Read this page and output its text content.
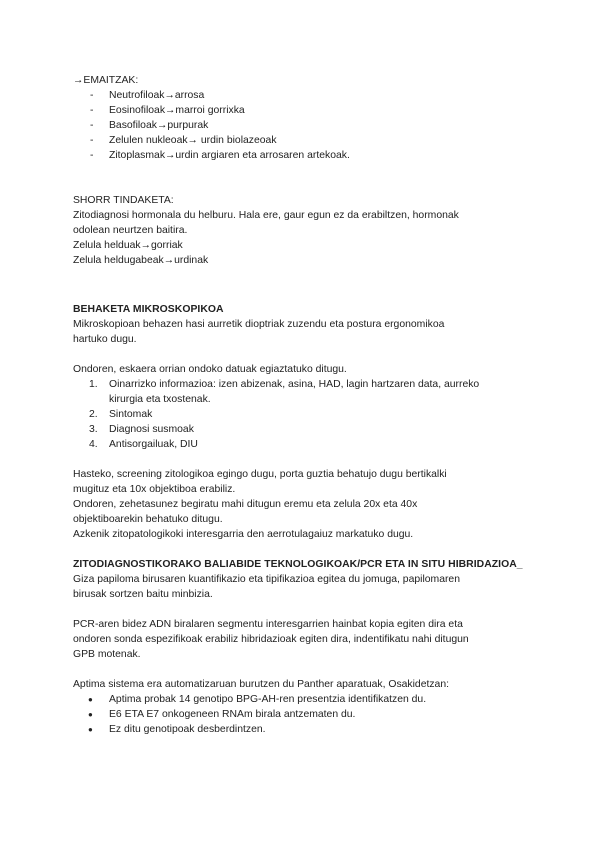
→EMAITZAK:

- Neutrofiloak→arrosa
- Eosinofiloak→marroi gorrixka
- Basofiloak→purpurak
- Zelulen nukleoak→ urdin biolazeoak
- Zitoplasmak→urdin argiaren eta arrosaren artekoak.

SHORR TINDAKETA:

Zitodiagnosi hormonala du helburu. Hala ere, gaur egun ez da erabiltzen, hormonak

odolean neurtzen baitira.

Zelula helduak→gorriak

Zelula heldugabeak→urdinak

BEHAKETA MIKROSKOPIKOA

Mikroskopioan behazen hasi aurretik dioptriak zuzendu eta postura ergonomikoa

hartuko dugu.

Ondoren, eskaera orrian ondoko datuak egiaztatuko ditugu.

1. Oinarrizko informazioa: izen abizenak, asina, HAD, lagin hartzaren data, aurreko
kirurgia eta txostenak.
2. Sintomak
3. Diagnosi susmoak
4. Antisorgailuak, DIU

Hasteko, screening zitologikoa egingo dugu, porta guztia behatujo dugu bertikalki

mugituz eta 10x objektiboa erabiliz.

Ondoren, zehetasunez begiratu mahi ditugun eremu eta zelula 20x eta 40x

objektiboarekin behatuko ditugu.

Azkenik zitopatologikoki interesgarria den aerrotulagaiuz markatuko dugu.

ZITODIAGNOSTIKORAKO BALIABIDE TEKNOLOGIKOAK/PCR ETA IN SITU HIBRIDAZIOA_

Giza papiloma birusaren kuantifikazio eta tipifikazioa egitea du jomuga, papilomaren

birusak sortzen baitu minbizia.

PCR-aren bidez ADN biralaren segmentu interesgarrien hainbat kopia egiten dira eta

ondoren sonda espezifikoak erabiliz hibridazioak egiten dira, indentifikatu nahi ditugun

GPB motenak.

Aptima sistema era automatizaruan burutzen du Panther aparatuak, Osakidetzan:

● Aptima probak 14 genotipo BPG-AH-ren presentzia identifikatzen du.
● E6 ETA E7 onkogeneen RNAm birala antzematen du.
● Ez ditu genotipoak desberdintzen.
